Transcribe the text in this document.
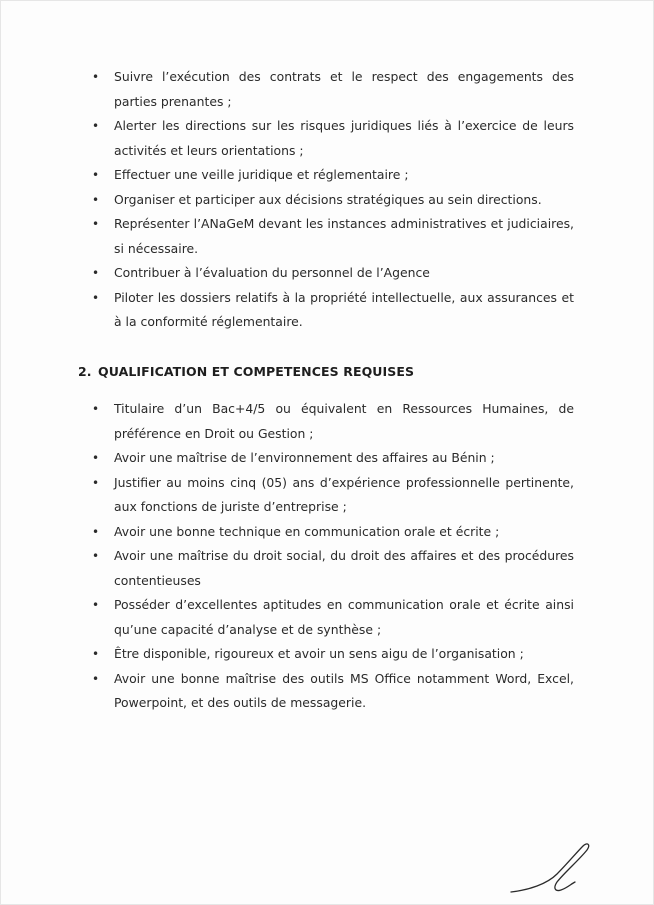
• Suivre l’exécution des contrats et le respect des engagements des parties prenantes ;
• Alerter les directions sur les risques juridiques liés à l’exercice de leurs activités et leurs orientations ;
• Effectuer une veille juridique et réglementaire ;
• Organiser et participer aux décisions stratégiques au sein directions.
• Représenter l’ANaGeM devant les instances administratives et judiciaires, si nécessaire.
• Contribuer à l’évaluation du personnel de l’Agence
• Piloter les dossiers relatifs à la propriété intellectuelle, aux assurances et à la conformité réglementaire.
2. QUALIFICATION ET COMPETENCES REQUISES
• Titulaire d’un Bac+4/5 ou équivalent en Ressources Humaines, de préférence en Droit ou Gestion ;
• Avoir une maîtrise de l’environnement des affaires au Bénin ;
• Justifier au moins cinq (05) ans d’expérience professionnelle pertinente, aux fonctions de juriste d’entreprise ;
• Avoir une bonne technique en communication orale et écrite ;
• Avoir une maîtrise du droit social, du droit des affaires et des procédures contentieuses
• Posséder d’excellentes aptitudes en communication orale et écrite ainsi qu’une capacité d’analyse et de synthèse ;
• Être disponible, rigoureux et avoir un sens aigu de l’organisation ;
• Avoir une bonne maîtrise des outils MS Office notamment Word, Excel, Powerpoint, et des outils de messagerie.
